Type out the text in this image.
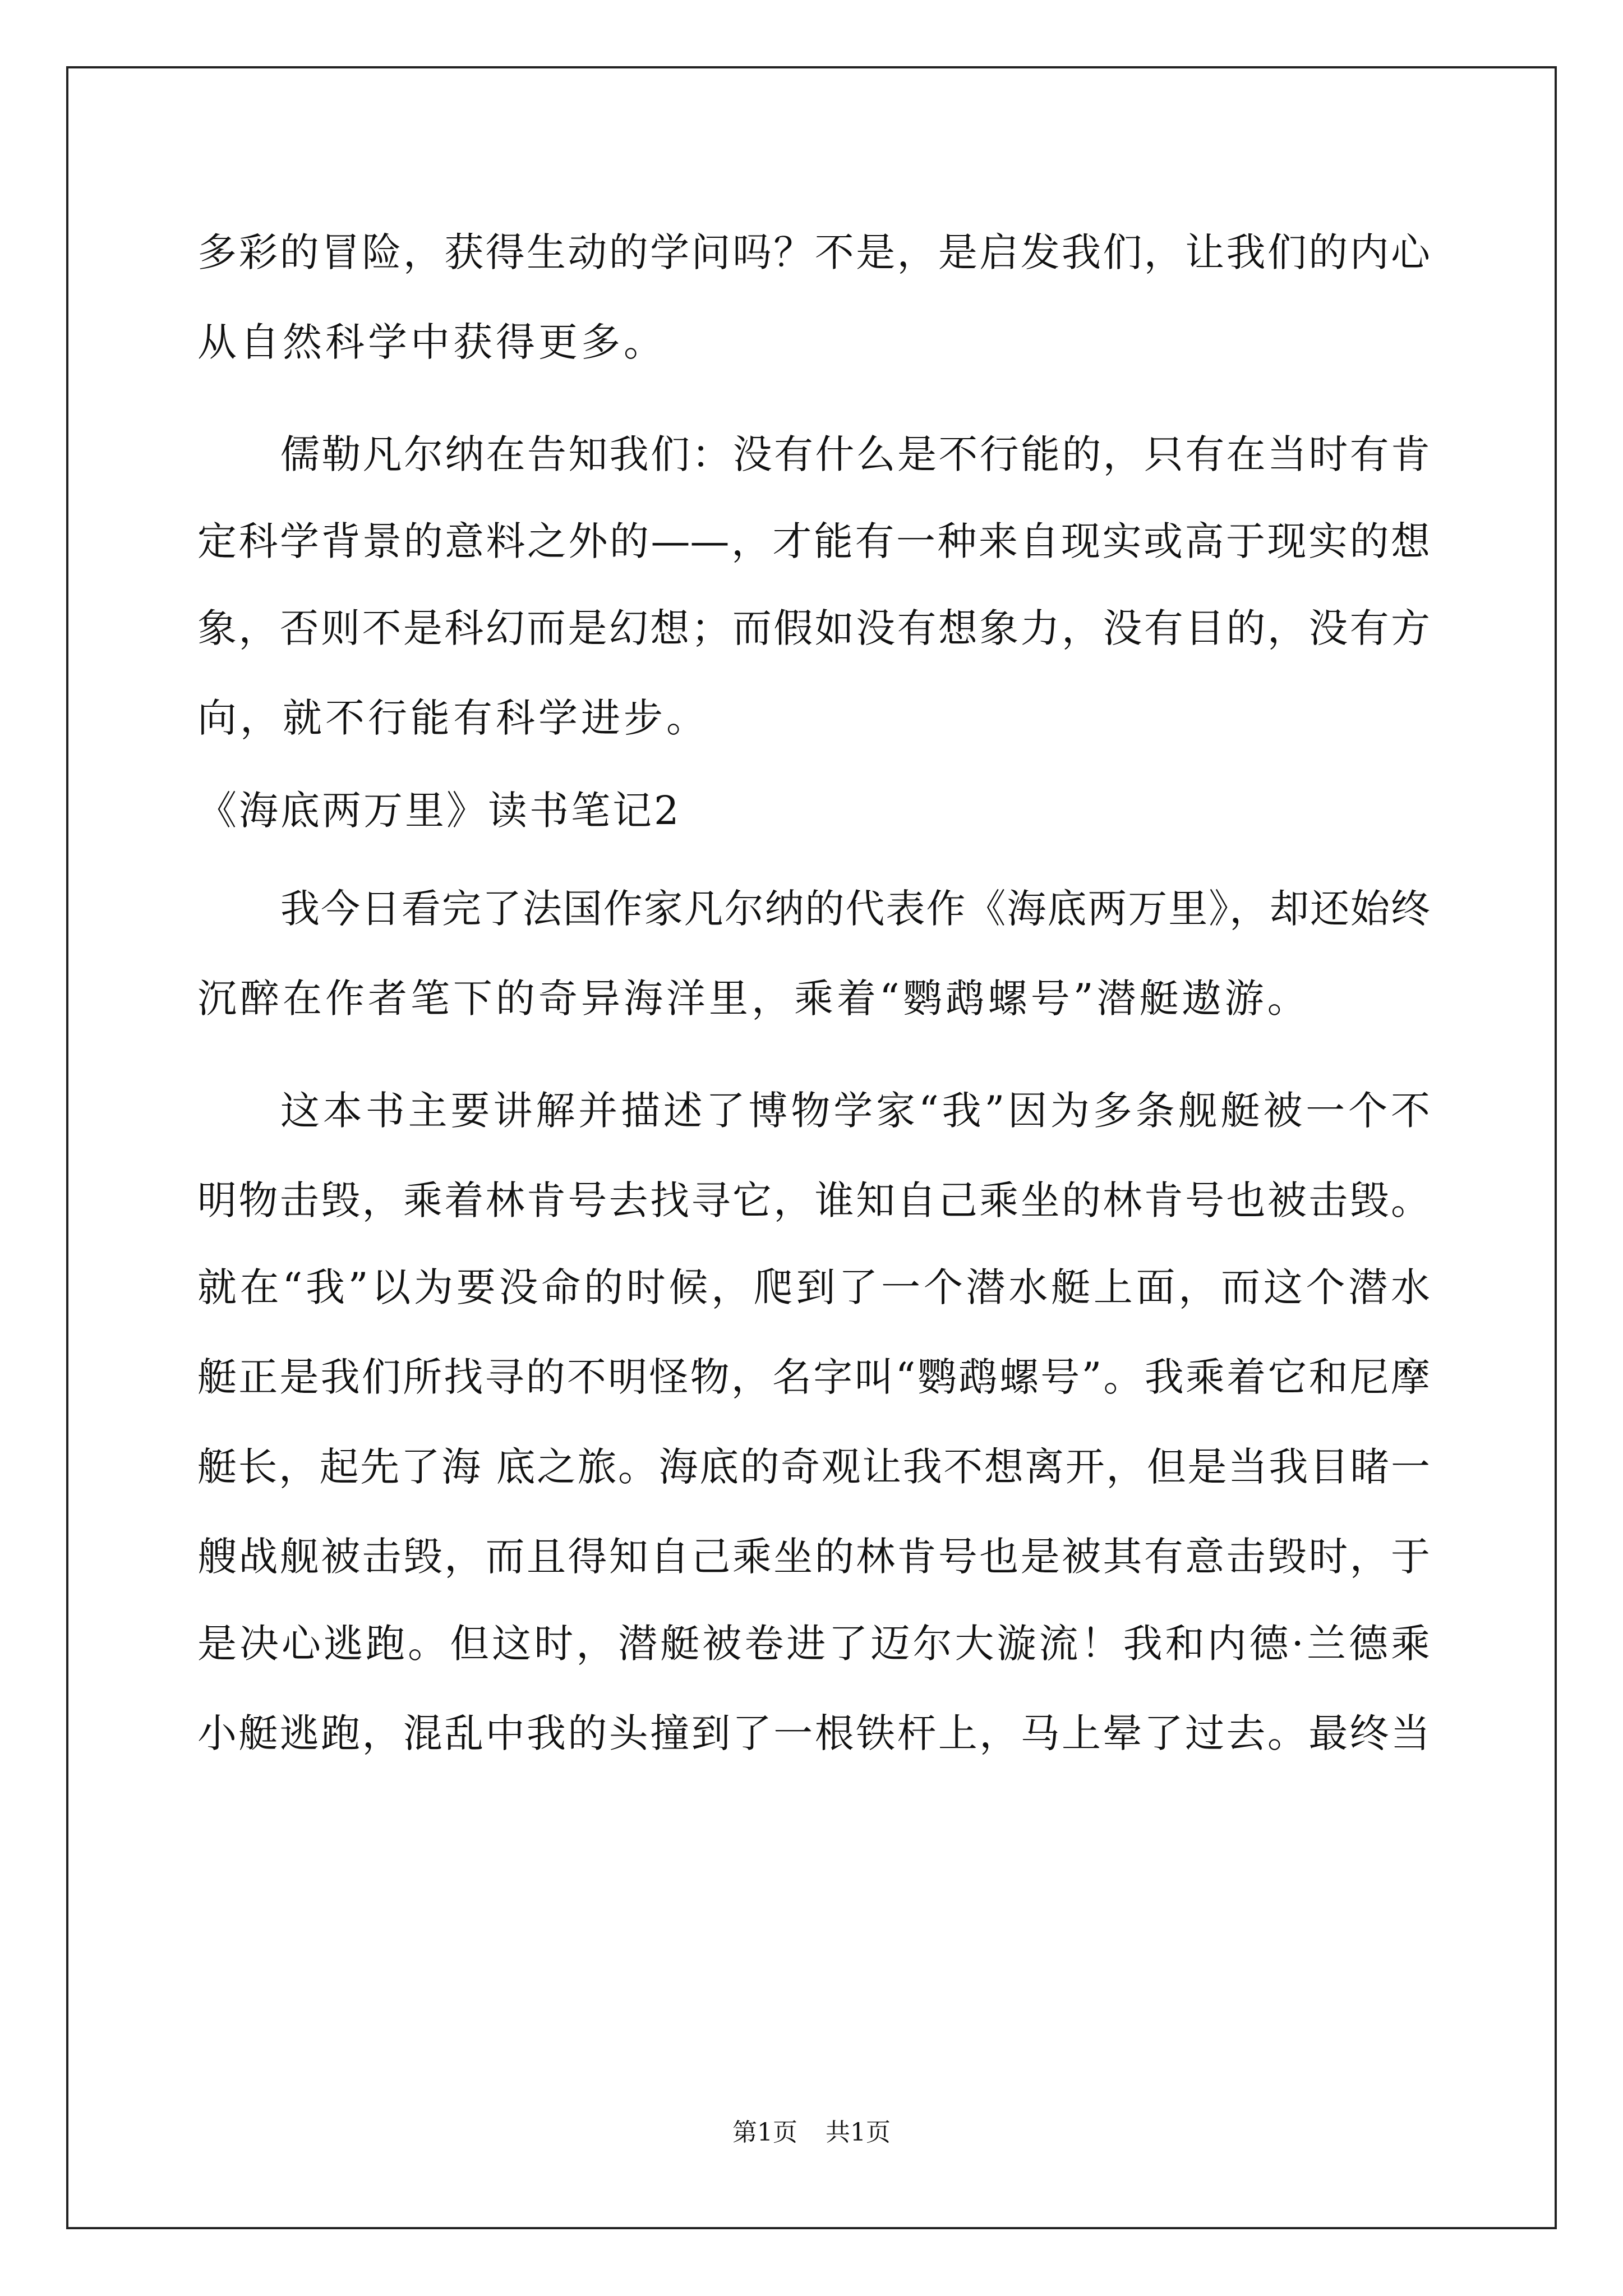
多彩的冒险，获得生动的学问吗？不是，是启发我们，让我们的内心
从自然科学中获得更多。
儒勒凡尔纳在告知我们：没有什么是不行能的，只有在当时有肯
定科学背景的意料之外的——，才能有一种来自现实或高于现实的想
象，否则不是科幻而是幻想；而假如没有想象力，没有目的，没有方
向，就不行能有科学进步。
《海底两万里》读书笔记2
我今日看完了法国作家凡尔纳的代表作《海底两万里》，却还始终
沉醉在作者笔下的奇异海洋里，乘着“鹦鹉螺号”潜艇遨游。
这本书主要讲解并描述了博物学家“我”因为多条舰艇被一个不
明物击毁，乘着林肯号去找寻它，谁知自己乘坐的林肯号也被击毁。
就在“我”以为要没命的时候，爬到了一个潜水艇上面，而这个潜水
艇正是我们所找寻的不明怪物，名字叫“鹦鹉螺号”。我乘着它和尼摩
艇长，起先了海 底之旅。海底的奇观让我不想离开，但是当我目睹一
艘战舰被击毁，而且得知自己乘坐的林肯号也是被其有意击毁时，于
是决心逃跑。但这时，潜艇被卷进了迈尔大漩流！我和内德·兰德乘
小艇逃跑，混乱中我的头撞到了一根铁杆上，马上晕了过去。最终当
第1页 共1页
